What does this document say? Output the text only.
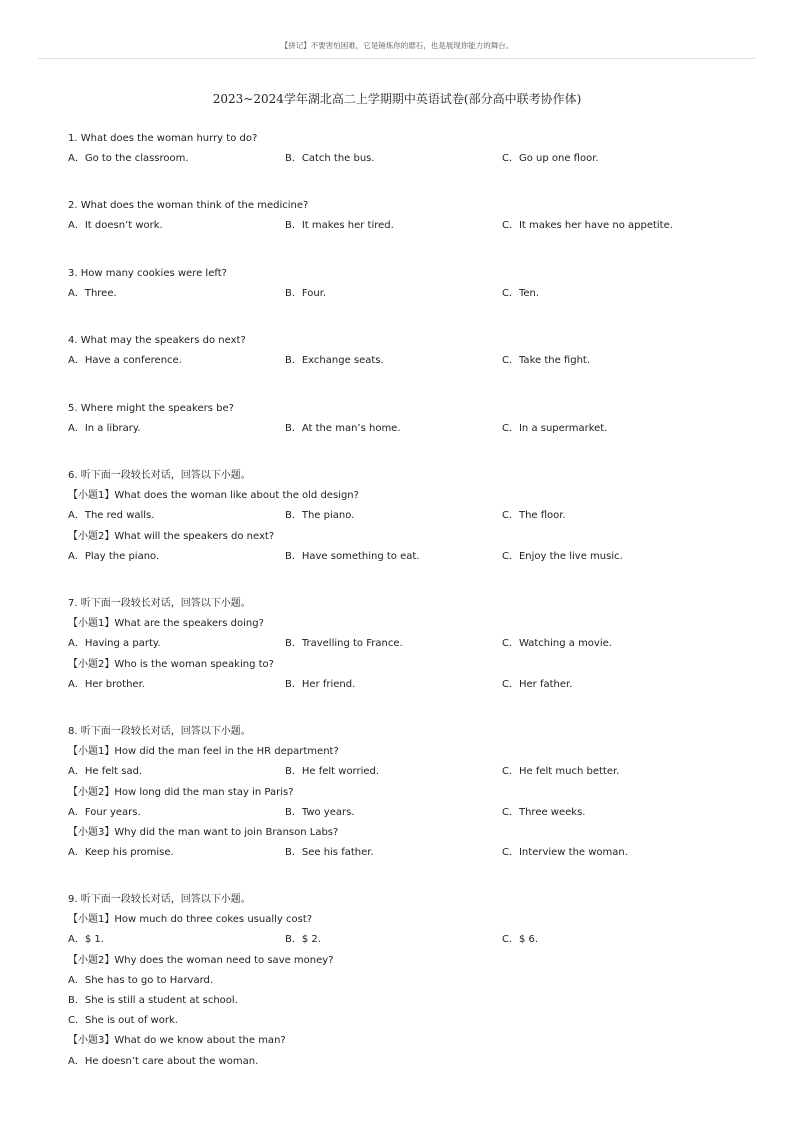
【拼记】不要害怕困难，它是锤炼你的磨石，也是展现你能力的舞台。
2023~2024学年湖北高二上学期期中英语试卷(部分高中联考协作体)
1. What does the woman hurry to do?
A．Go to the classroom.	B．Catch the bus.	C．Go up one floor.
2. What does the woman think of the medicine?
A．It doesn’t work.	B．It makes her tired.	C．It makes her have no appetite.
3. How many cookies were left?
A．Three.	B．Four.	C．Ten.
4. What may the speakers do next?
A．Have a conference.	B．Exchange seats.	C．Take the fight.
5. Where might the speakers be?
A．In a library.	B．At the man’s home.	C．In a supermarket.
6. 听下面一段较长对话，回答以下小题。
【小题1】What does the woman like about the old design?
A．The red walls.	B．The piano.	C．The floor.
【小题2】What will the speakers do next?
A．Play the piano.	B．Have something to eat.	C．Enjoy the live music.
7. 听下面一段较长对话，回答以下小题。
【小题1】What are the speakers doing?
A．Having a party.	B．Travelling to France.	C．Watching a movie.
【小题2】Who is the woman speaking to?
A．Her brother.	B．Her friend.	C．Her father.
8. 听下面一段较长对话，回答以下小题。
【小题1】How did the man feel in the HR department?
A．He felt sad.	B．He felt worried.	C．He felt much better.
【小题2】How long did the man stay in Paris?
A．Four years.	B．Two years.	C．Three weeks.
【小题3】Why did the man want to join Branson Labs?
A．Keep his promise.	B．See his father.	C．Interview the woman.
9. 听下面一段较长对话，回答以下小题。
【小题1】How much do three cokes usually cost?
A．$ 1.	B．$ 2.	C．$ 6.
【小题2】Why does the woman need to save money?
A．She has to go to Harvard.
B．She is still a student at school.
C．She is out of work.
【小题3】What do we know about the man?
A．He doesn’t care about the woman.
